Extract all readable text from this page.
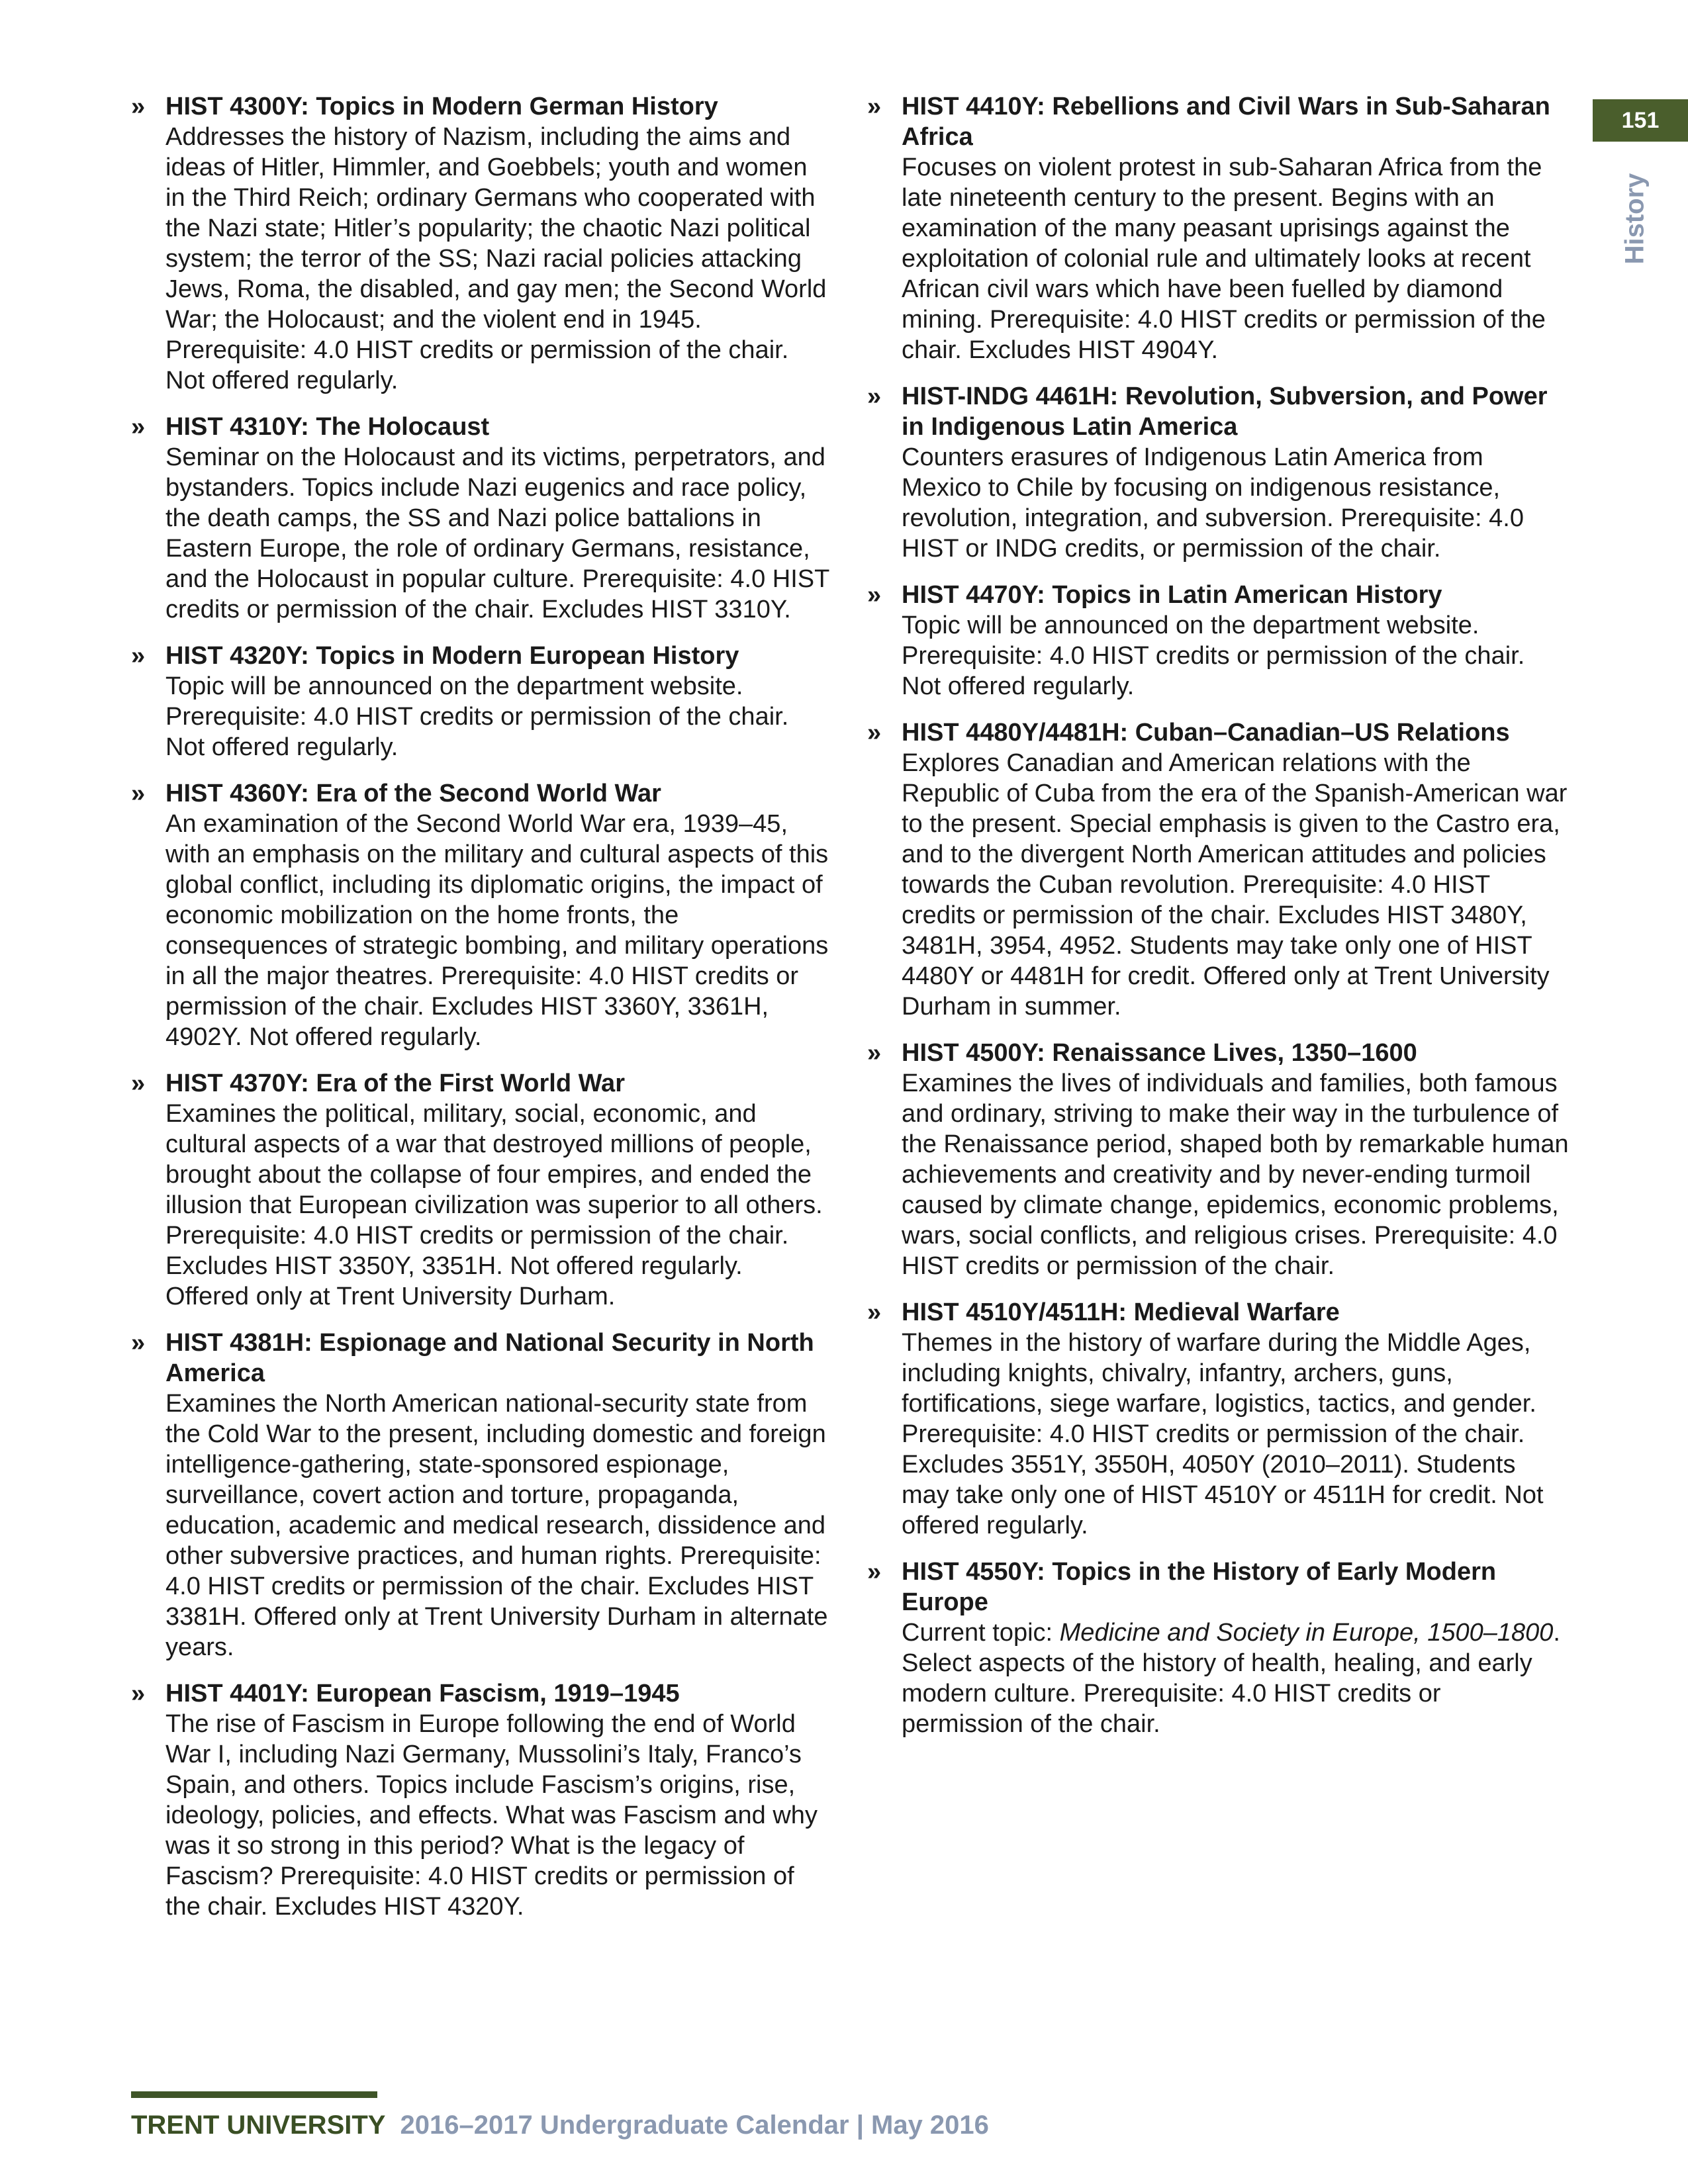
151
History
» HIST 4300Y: Topics in Modern German History
Addresses the history of Nazism, including the aims and ideas of Hitler, Himmler, and Goebbels; youth and women in the Third Reich; ordinary Germans who cooperated with the Nazi state; Hitler’s popularity; the chaotic Nazi political system; the terror of the SS; Nazi racial policies attacking Jews, Roma, the disabled, and gay men; the Second World War; the Holocaust; and the violent end in 1945. Prerequisite: 4.0 HIST credits or permission of the chair. Not offered regularly.
» HIST 4310Y: The Holocaust
Seminar on the Holocaust and its victims, perpetrators, and bystanders. Topics include Nazi eugenics and race policy, the death camps, the SS and Nazi police battalions in Eastern Europe, the role of ordinary Germans, resistance, and the Holocaust in popular culture. Prerequisite: 4.0 HIST credits or permission of the chair. Excludes HIST 3310Y.
» HIST 4320Y: Topics in Modern European History
Topic will be announced on the department website. Prerequisite: 4.0 HIST credits or permission of the chair. Not offered regularly.
» HIST 4360Y: Era of the Second World War
An examination of the Second World War era, 1939–45, with an emphasis on the military and cultural aspects of this global conflict, including its diplomatic origins, the impact of economic mobilization on the home fronts, the consequences of strategic bombing, and military operations in all the major theatres. Prerequisite: 4.0 HIST credits or permission of the chair. Excludes HIST 3360Y, 3361H, 4902Y. Not offered regularly.
» HIST 4370Y: Era of the First World War
Examines the political, military, social, economic, and cultural aspects of a war that destroyed millions of people, brought about the collapse of four empires, and ended the illusion that European civilization was superior to all others. Prerequisite: 4.0 HIST credits or permission of the chair. Excludes HIST 3350Y, 3351H. Not offered regularly. Offered only at Trent University Durham.
» HIST 4381H: Espionage and National Security in North America
Examines the North American national-security state from the Cold War to the present, including domestic and foreign intelligence-gathering, state-sponsored espionage, surveillance, covert action and torture, propaganda, education, academic and medical research, dissidence and other subversive practices, and human rights. Prerequisite: 4.0 HIST credits or permission of the chair. Excludes HIST 3381H. Offered only at Trent University Durham in alternate years.
» HIST 4401Y: European Fascism, 1919–1945
The rise of Fascism in Europe following the end of World War I, including Nazi Germany, Mussolini’s Italy, Franco’s Spain, and others. Topics include Fascism’s origins, rise, ideology, policies, and effects. What was Fascism and why was it so strong in this period? What is the legacy of Fascism? Prerequisite: 4.0 HIST credits or permission of the chair. Excludes HIST 4320Y.
» HIST 4410Y: Rebellions and Civil Wars in Sub-Saharan Africa
Focuses on violent protest in sub-Saharan Africa from the late nineteenth century to the present. Begins with an examination of the many peasant uprisings against the exploitation of colonial rule and ultimately looks at recent African civil wars which have been fuelled by diamond mining. Prerequisite: 4.0 HIST credits or permission of the chair. Excludes HIST 4904Y.
» HIST-INDG 4461H: Revolution, Subversion, and Power in Indigenous Latin America
Counters erasures of Indigenous Latin America from Mexico to Chile by focusing on indigenous resistance, revolution, integration, and subversion. Prerequisite: 4.0 HIST or INDG credits, or permission of the chair.
» HIST 4470Y: Topics in Latin American History
Topic will be announced on the department website. Prerequisite: 4.0 HIST credits or permission of the chair. Not offered regularly.
» HIST 4480Y/4481H: Cuban–Canadian–US Relations
Explores Canadian and American relations with the Republic of Cuba from the era of the Spanish-American war to the present. Special emphasis is given to the Castro era, and to the divergent North American attitudes and policies towards the Cuban revolution. Prerequisite: 4.0 HIST credits or permission of the chair. Excludes HIST 3480Y, 3481H, 3954, 4952. Students may take only one of HIST 4480Y or 4481H for credit. Offered only at Trent University Durham in summer.
» HIST 4500Y: Renaissance Lives, 1350–1600
Examines the lives of individuals and families, both famous and ordinary, striving to make their way in the turbulence of the Renaissance period, shaped both by remarkable human achievements and creativity and by never-ending turmoil caused by climate change, epidemics, economic problems, wars, social conflicts, and religious crises. Prerequisite: 4.0 HIST credits or permission of the chair.
» HIST 4510Y/4511H: Medieval Warfare
Themes in the history of warfare during the Middle Ages, including knights, chivalry, infantry, archers, guns, fortifications, siege warfare, logistics, tactics, and gender. Prerequisite: 4.0 HIST credits or permission of the chair. Excludes 3551Y, 3550H, 4050Y (2010–2011). Students may take only one of HIST 4510Y or 4511H for credit. Not offered regularly.
» HIST 4550Y: Topics in the History of Early Modern Europe
Current topic: Medicine and Society in Europe, 1500–1800. Select aspects of the history of health, healing, and early modern culture. Prerequisite: 4.0 HIST credits or permission of the chair.
TRENT UNIVERSITY 2016–2017 Undergraduate Calendar | May 2016
